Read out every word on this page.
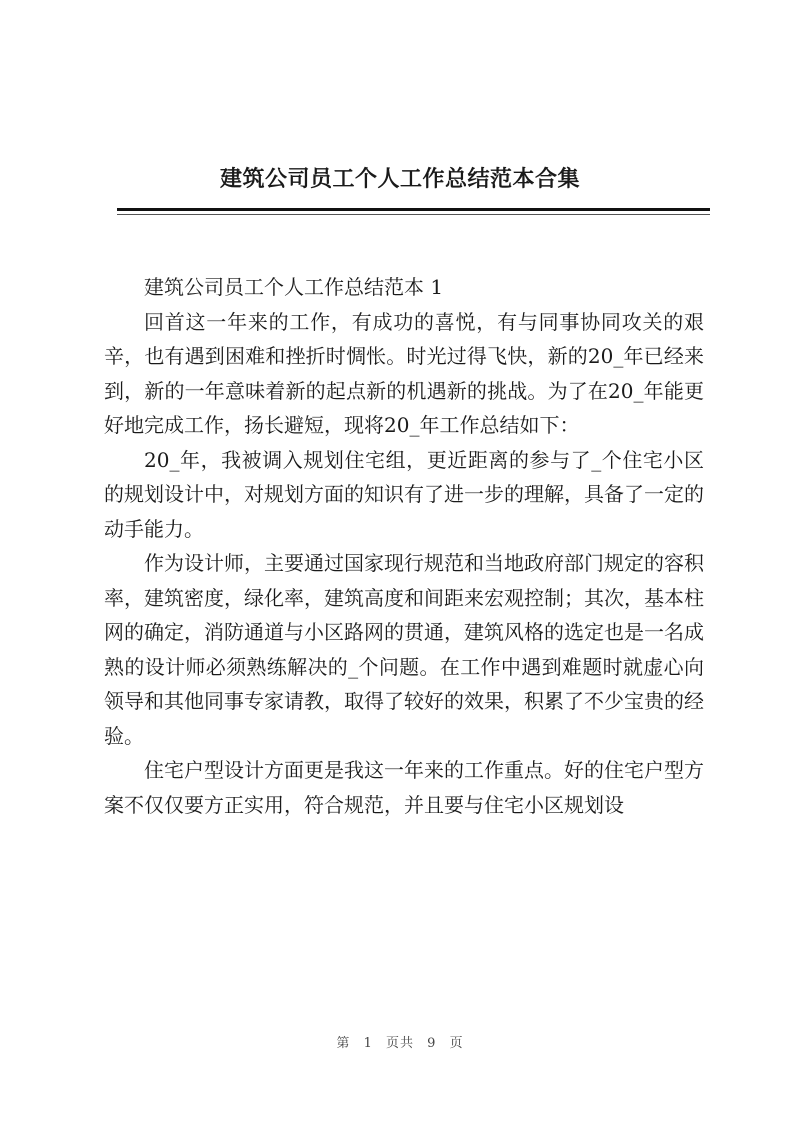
建筑公司员工个人工作总结范本合集

建筑公司员工个人工作总结范本 1

回首这一年来的工作，有成功的喜悦，有与同事协同攻关的艰辛，也有遇到困难和挫折时惆怅。时光过得飞快，新的20_年已经来到，新的一年意味着新的起点新的机遇新的挑战。为了在20_年能更好地完成工作，扬长避短，现将20_年工作总结如下：

20_年，我被调入规划住宅组，更近距离的参与了_个住宅小区的规划设计中，对规划方面的知识有了进一步的理解，具备了一定的动手能力。

作为设计师，主要通过国家现行规范和当地政府部门规定的容积率，建筑密度，绿化率，建筑高度和间距来宏观控制；其次，基本柱网的确定，消防通道与小区路网的贯通，建筑风格的选定也是一名成熟的设计师必须熟练解决的_个问题。在工作中遇到难题时就虚心向领导和其他同事专家请教，取得了较好的效果，积累了不少宝贵的经验。

住宅户型设计方面更是我这一年来的工作重点。好的住宅户型方案不仅仅要方正实用，符合规范，并且要与住宅小区规划设

第 1 页共 9 页
